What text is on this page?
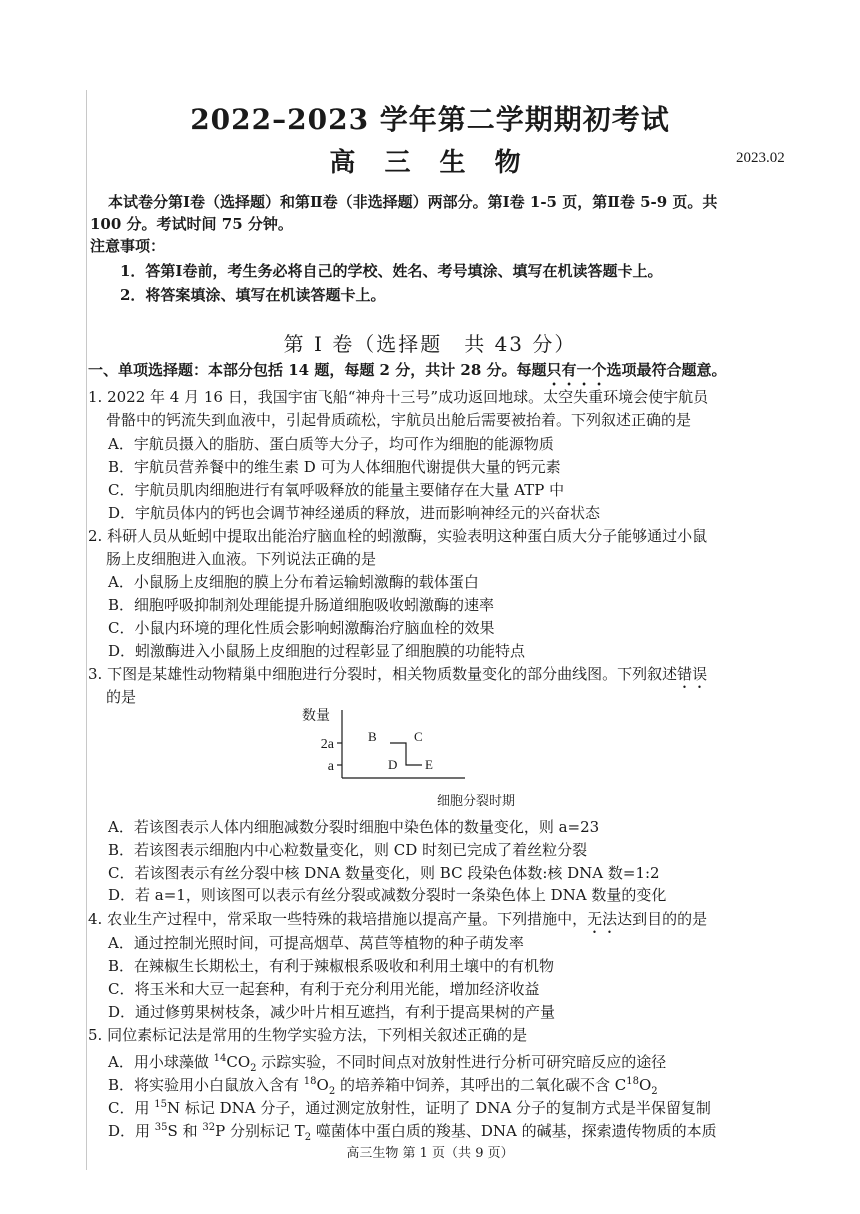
2022–2023 学年第二学期期初考试
高 三 生 物	2023.02
本试卷分第Ⅰ卷（选择题）和第Ⅱ卷（非选择题）两部分。第Ⅰ卷 1-5 页，第Ⅱ卷 5-9 页。共
100 分。考试时间 75 分钟。
注意事项：
1．答第Ⅰ卷前，考生务必将自己的学校、姓名、考号填涂、填写在机读答题卡上。
2．将答案填涂、填写在机读答题卡上。
第 Ⅰ 卷（选择题　共 43 分）
一、单项选择题：本部分包括 14 题，每题 2 分，共计 28 分。每题只有一个选项最符合题意。
1. 2022 年 4 月 16 日，我国宇宙飞船“神舟十三号”成功返回地球。太空失重环境会使宇航员
骨骼中的钙流失到血液中，引起骨质疏松，宇航员出舱后需要被抬着。下列叙述正确的是
A．宇航员摄入的脂肪、蛋白质等大分子，均可作为细胞的能源物质
B．宇航员营养餐中的维生素 D 可为人体细胞代谢提供大量的钙元素
C．宇航员肌肉细胞进行有氧呼吸释放的能量主要储存在大量 ATP 中
D．宇航员体内的钙也会调节神经递质的释放，进而影响神经元的兴奋状态
2. 科研人员从蚯蚓中提取出能治疗脑血栓的蚓激酶，实验表明这种蛋白质大分子能够通过小鼠
肠上皮细胞进入血液。下列说法正确的是
A．小鼠肠上皮细胞的膜上分布着运输蚓激酶的载体蛋白
B．细胞呼吸抑制剂处理能提升肠道细胞吸收蚓激酶的速率
C．小鼠内环境的理化性质会影响蚓激酶治疗脑血栓的效果
D．蚓激酶进入小鼠肠上皮细胞的过程彰显了细胞膜的功能特点
3. 下图是某雄性动物精巢中细胞进行分裂时，相关物质数量变化的部分曲线图。下列叙述错误
的是
数量
2a
a
B	C
D E
细胞分裂时期
A．若该图表示人体内细胞减数分裂时细胞中染色体的数量变化，则 a=23
B．若该图表示细胞内中心粒数量变化，则 CD 时刻已完成了着丝粒分裂
C．若该图表示有丝分裂中核 DNA 数量变化，则 BC 段染色体数:核 DNA 数=1:2
D．若 a=1，则该图可以表示有丝分裂或减数分裂时一条染色体上 DNA 数量的变化
4. 农业生产过程中，常采取一些特殊的栽培措施以提高产量。下列措施中，无法达到目的的是
A．通过控制光照时间，可提高烟草、莴苣等植物的种子萌发率
B．在辣椒生长期松土，有利于辣椒根系吸收和利用土壤中的有机物
C．将玉米和大豆一起套种，有利于充分利用光能，增加经济收益
D．通过修剪果树枝条，减少叶片相互遮挡，有利于提高果树的产量
5. 同位素标记法是常用的生物学实验方法，下列相关叙述正确的是
A．用小球藻做 $^{14}CO_2$ 示踪实验，不同时间点对放射性进行分析可研究暗反应的途径
B．将实验用小白鼠放入含有 $^{18}O_2$ 的培养箱中饲养，其呼出的二氧化碳不含 $C^{18}O_2$
C．用 $^{15}$N 标记 DNA 分子，通过测定放射性，证明了 DNA 分子的复制方式是半保留复制
D．用 $^{35}$S 和 $^{32}$P 分别标记 $T_2$ 噬菌体中蛋白质的羧基、DNA 的碱基，探索遗传物质的本质
高三生物 第 1 页（共 9 页）
